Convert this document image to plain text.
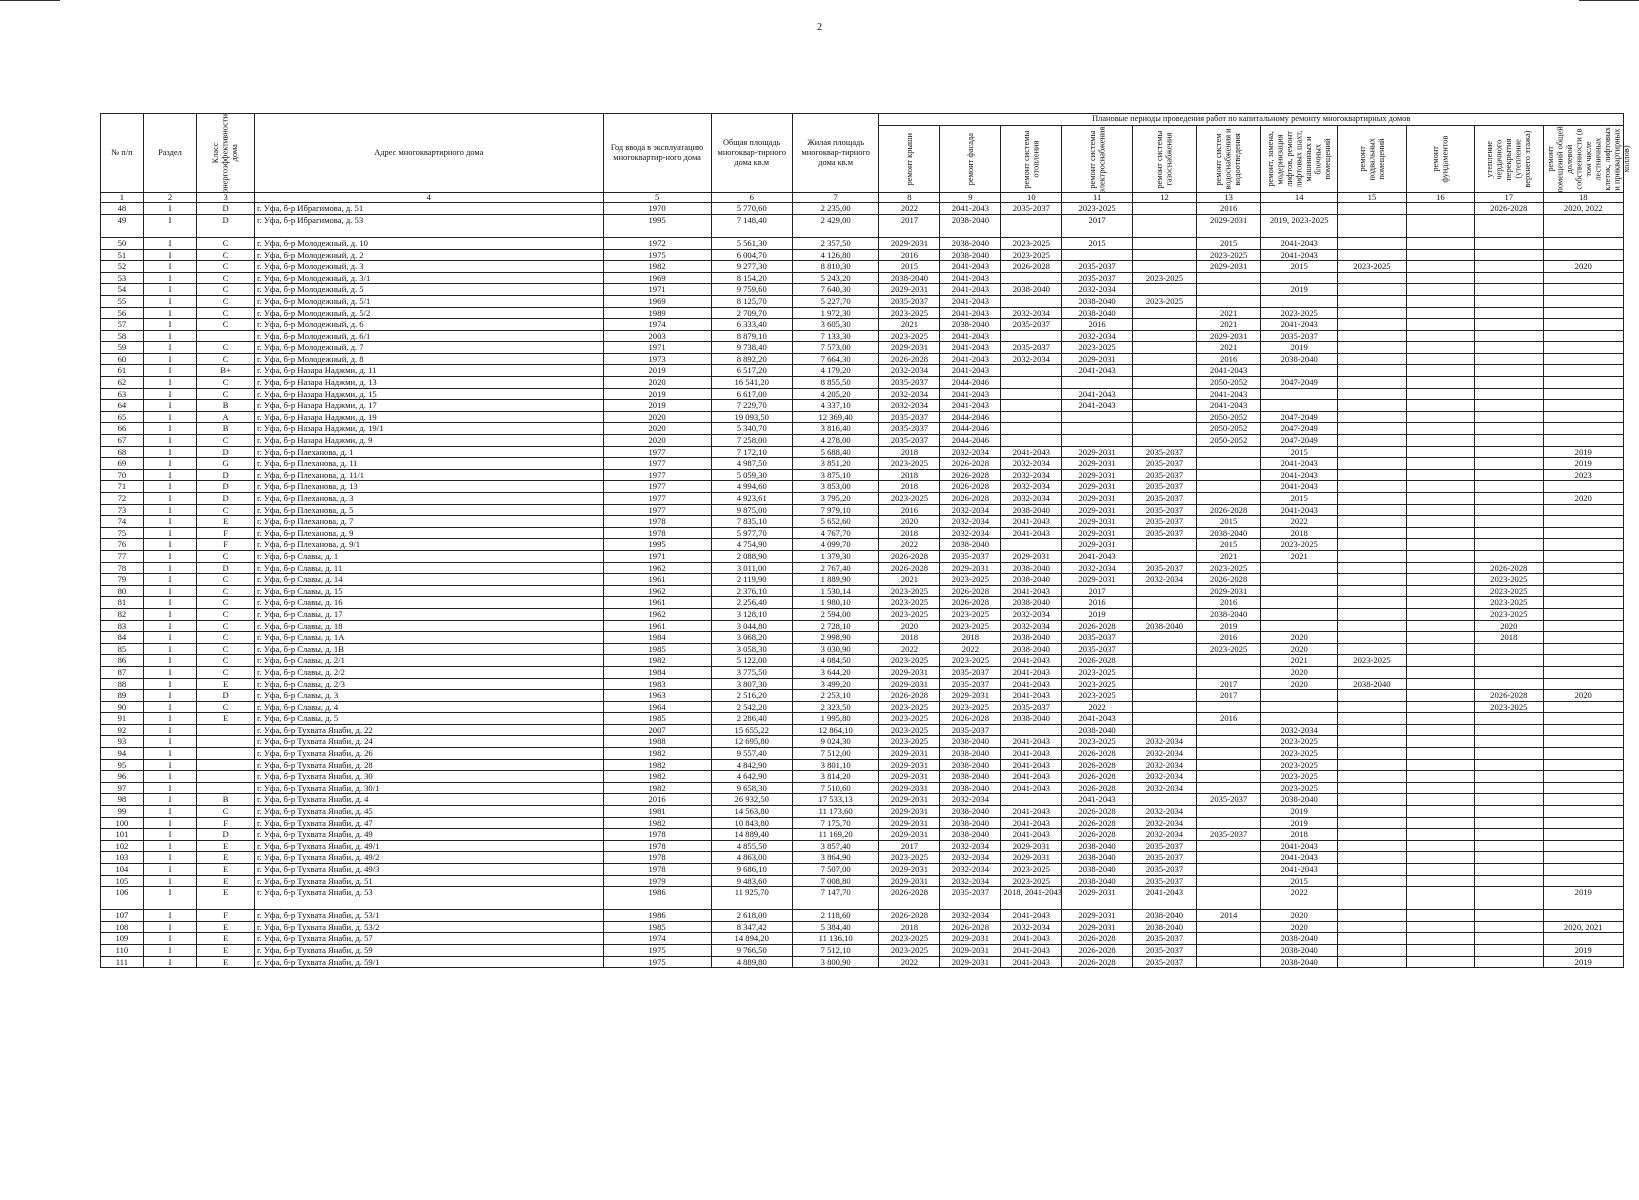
2
№ п/п	Раздел	Класс энергоэффективности дома	Адрес многоквартирного дома	Год ввода в эксплуатацию многоквартир-ного дома	Общая площадь многоквар-тирного дома кв.м	Жилая площадь многоквар-тирного дома кв.м	Плановые периоды проведения работ по капитальному ремонту многоквартирных домов										

							ремонт крыши	ремонт фасада	ремонт системы отопления	ремонт системы электроснабжения	ремонт системы газоснабжения	ремонт систем водоснабжения и водоотведения	ремонт, замена, модернизация лифтов, ремонт лифтовых шахт, машинных и блочных помещений	ремонт подвальных помещений	ремонт фундаментов	утепление чердачного перекрытия (утепление верхнего этажа)	ремонт помещений общей долевой собственности (в том числе лестничных клеток, лифтовых и приквартирных холлов)

1	2	3	4	5	6	7	8	9	10	11	12	13	14	15	16	17	18
48	I	D	г. Уфа, б-р Ибрагимова, д. 51	1970	5 770,60	2 235,00	2022	2041-2043	2035-2037	2023-2025		2016				2026-2028	2020, 2022
49	I	D	г. Уфа, б-р Ибрагимова, д. 53	1995	7 148,40	2 429,00	2017	2038-2040		2017		2029-2031	2019, 2023-2025				
50	I	C	г. Уфа, б-р Молодежный, д. 10	1972	5 561,30	2 357,50	2029-2031	2038-2040	2023-2025	2015		2015	2041-2043				
51	I	C	г. Уфа, б-р Молодежный, д. 2	1975	6 004,70	4 126,80	2016	2038-2040	2023-2025			2023-2025	2041-2043				
52	I	C	г. Уфа, б-р Молодежный, д. 3	1982	9 277,30	8 810,30	2015	2041-2043	2026-2028	2035-2037		2029-2031	2015	2023-2025			2020
53	I	C	г. Уфа, б-р Молодежный, д. 3/1	1969	8 154,20	5 243,20	2038-2040	2041-2043		2035-2037	2023-2025						
54	I	C	г. Уфа, б-р Молодежный, д. 5	1971	9 759,60	7 640,30	2029-2031	2041-2043	2038-2040	2032-2034			2019				
55	I	C	г. Уфа, б-р Молодежный, д. 5/1	1969	8 125,70	5 227,70	2035-2037	2041-2043		2038-2040	2023-2025						
56	I	C	г. Уфа, б-р Молодежный, д. 5/2	1989	2 709,70	1 972,30	2023-2025	2041-2043	2032-2034	2038-2040		2021	2023-2025				
57	I	C	г. Уфа, б-р Молодежный, д. 6	1974	6 333,40	3 605,30	2021	2038-2040	2035-2037	2016		2021	2041-2043				
58	I		г. Уфа, б-р Молодежный, д. 6/1	2003	8 879,10	7 133,30	2023-2025	2041-2043		2032-2034		2029-2031	2035-2037				
59	I	C	г. Уфа, б-р Молодежный, д. 7	1971	9 738,40	7 573,00	2029-2031	2041-2043	2035-2037	2023-2025		2021	2019				
60	I	C	г. Уфа, б-р Молодежный, д. 8	1973	8 892,20	7 664,30	2026-2028	2041-2043	2032-2034	2029-2031		2016	2038-2040				
61	I	B+	г. Уфа, б-р Назара Наджми, д. 11	2019	6 517,20	4 179,20	2032-2034	2041-2043		2041-2043		2041-2043					
62	I	C	г. Уфа, б-р Назара Наджми, д. 13	2020	16 541,20	8 855,50	2035-2037	2044-2046				2050-2052	2047-2049				
63	I	C	г. Уфа, б-р Назара Наджми, д. 15	2019	6 617,00	4 205,20	2032-2034	2041-2043		2041-2043		2041-2043					
64	I	B	г. Уфа, б-р Назара Наджми, д. 17	2019	7 229,70	4 337,10	2032-2034	2041-2043		2041-2043		2041-2043					
65	I	A	г. Уфа, б-р Назара Наджми, д. 19	2020	19 093,50	12 369,40	2035-2037	2044-2046				2050-2052	2047-2049				
66	I	B	г. Уфа, б-р Назара Наджми, д. 19/1	2020	5 340,70	3 816,40	2035-2037	2044-2046				2050-2052	2047-2049				
67	I	C	г. Уфа, б-р Назара Наджми, д. 9	2020	7 258,00	4 278,00	2035-2037	2044-2046				2050-2052	2047-2049				
68	I	D	г. Уфа, б-р Плеханова, д. 1	1977	7 172,10	5 688,40	2018	2032-2034	2041-2043	2029-2031	2035-2037		2015				2019
69	I	G	г. Уфа, б-р Плеханова, д. 11	1977	4 987,50	3 851,20	2023-2025	2026-2028	2032-2034	2029-2031	2035-2037		2041-2043				2019
70	I	D	г. Уфа, б-р Плеханова, д. 11/1	1977	5 059,30	3 875,10	2018	2026-2028	2032-2034	2029-2031	2035-2037		2041-2043				2023
71	I	D	г. Уфа, б-р Плеханова, д. 13	1977	4 994,60	3 853,00	2018	2026-2028	2032-2034	2029-2031	2035-2037		2041-2043				
72	I	D	г. Уфа, б-р Плеханова, д. 3	1977	4 923,61	3 795,20	2023-2025	2026-2028	2032-2034	2029-2031	2035-2037		2015				2020
73	I	C	г. Уфа, б-р Плеханова, д. 5	1977	9 875,00	7 979,10	2016	2032-2034	2038-2040	2029-2031	2035-2037	2026-2028	2041-2043				
74	I	E	г. Уфа, б-р Плеханова, д. 7	1978	7 835,10	5 652,60	2020	2032-2034	2041-2043	2029-2031	2035-2037	2015	2022				
75	I	F	г. Уфа, б-р Плеханова, д. 9	1978	5 977,70	4 767,70	2018	2032-2034	2041-2043	2029-2031	2035-2037	2038-2040	2018				
76	I	F	г. Уфа, б-р Плеханова, д. 9/1	1995	4 754,90	4 099,70	2022	2038-2040		2029-2031		2015	2023-2025				
77	I	C	г. Уфа, б-р Славы, д. 1	1971	2 088,90	1 379,30	2026-2028	2035-2037	2029-2031	2041-2043		2021	2021				
78	I	D	г. Уфа, б-р Славы, д. 11	1962	3 011,00	2 767,40	2026-2028	2029-2031	2038-2040	2032-2034	2035-2037	2023-2025				2026-2028	
79	I	C	г. Уфа, б-р Славы, д. 14	1961	2 119,90	1 889,90	2021	2023-2025	2038-2040	2029-2031	2032-2034	2026-2028				2023-2025	
80	I	C	г. Уфа, б-р Славы, д. 15	1962	2 376,10	1 530,14	2023-2025	2026-2028	2041-2043	2017		2029-2031				2023-2025	
81	I	C	г. Уфа, б-р Славы, д. 16	1961	2 256,40	1 980,10	2023-2025	2026-2028	2038-2040	2016		2016				2023-2025	
82	I	C	г. Уфа, б-р Славы, д. 17	1962	3 128,10	2 594,00	2023-2025	2023-2025	2032-2034	2019		2038-2040				2023-2025	
83	I	C	г. Уфа, б-р Славы, д. 18	1961	3 044,80	2 728,10	2020	2023-2025	2032-2034	2026-2028	2038-2040	2019				2020	
84	I	C	г. Уфа, б-р Славы, д. 1А	1984	3 068,20	2 998,90	2018	2018	2038-2040	2035-2037		2016	2020			2018	
85	I	C	г. Уфа, б-р Славы, д. 1В	1985	3 058,30	3 030,90	2022	2022	2038-2040	2035-2037		2023-2025	2020				
86	I	C	г. Уфа, б-р Славы, д. 2/1	1982	5 122,00	4 084,50	2023-2025	2023-2025	2041-2043	2026-2028			2021	2023-2025			
87	I	C	г. Уфа, б-р Славы, д. 2/2	1984	3 775,50	3 644,20	2029-2031	2035-2037	2041-2043	2023-2025			2020				
88	I	E	г. Уфа, б-р Славы, д. 2/3	1983	3 807,30	3 499,20	2029-2031	2035-2037	2041-2043	2023-2025		2017	2020	2038-2040			
89	I	D	г. Уфа, б-р Славы, д. 3	1963	2 516,20	2 253,10	2026-2028	2029-2031	2041-2043	2023-2025		2017				2026-2028	2020
90	I	C	г. Уфа, б-р Славы, д. 4	1964	2 542,20	2 323,50	2023-2025	2023-2025	2035-2037	2022						2023-2025	
91	I	E	г. Уфа, б-р Славы, д. 5	1985	2 286,40	1 995,80	2023-2025	2026-2028	2038-2040	2041-2043		2016					
92	I		г. Уфа, б-р Тухвата Янаби, д. 22	2007	15 655,22	12 864,10	2023-2025	2035-2037		2038-2040			2032-2034				
93	I		г. Уфа, б-р Тухвата Янаби, д. 24	1988	12 695,80	9 024,30	2023-2025	2038-2040	2041-2043	2023-2025	2032-2034		2023-2025				
94	I		г. Уфа, б-р Тухвата Янаби, д. 26	1982	9 557,40	7 512,00	2029-2031	2038-2040	2041-2043	2026-2028	2032-2034		2023-2025				
95	I		г. Уфа, б-р Тухвата Янаби, д. 28	1982	4 842,90	3 801,10	2029-2031	2038-2040	2041-2043	2026-2028	2032-2034		2023-2025				
96	I		г. Уфа, б-р Тухвата Янаби, д. 30	1982	4 642,90	3 814,20	2029-2031	2038-2040	2041-2043	2026-2028	2032-2034		2023-2025				
97	I		г. Уфа, б-р Тухвата Янаби, д. 30/1	1982	9 658,30	7 510,60	2029-2031	2038-2040	2041-2043	2026-2028	2032-2034		2023-2025				
98	I	B	г. Уфа, б-р Тухвата Янаби, д. 4	2016	26 932,50	17 533,13	2029-2031	2032-2034		2041-2043		2035-2037	2038-2040				
99	I	C	г. Уфа, б-р Тухвата Янаби, д. 45	1981	14 563,80	11 173,60	2029-2031	2038-2040	2041-2043	2026-2028	2032-2034		2019				
100	I	F	г. Уфа, б-р Тухвата Янаби, д. 47	1982	10 843,80	7 175,70	2029-2031	2038-2040	2041-2043	2026-2028	2032-2034		2019				
101	I	D	г. Уфа, б-р Тухвата Янаби, д. 49	1978	14 889,40	11 169,20	2029-2031	2038-2040	2041-2043	2026-2028	2032-2034	2035-2037	2018				
102	I	E	г. Уфа, б-р Тухвата Янаби, д. 49/1	1978	4 855,50	3 857,40	2017	2032-2034	2029-2031	2038-2040	2035-2037		2041-2043				
103	I	E	г. Уфа, б-р Тухвата Янаби, д. 49/2	1978	4 863,00	3 864,90	2023-2025	2032-2034	2029-2031	2038-2040	2035-2037		2041-2043				
104	I	E	г. Уфа, б-р Тухвата Янаби, д. 49/3	1978	9 686,10	7 507,00	2029-2031	2032-2034	2023-2025	2038-2040	2035-2037		2041-2043				
105	I	E	г. Уфа, б-р Тухвата Янаби, д. 51	1979	9 483,60	7 008,80	2029-2031	2032-2034	2023-2025	2038-2040	2035-2037		2015				
106	I	E	г. Уфа, б-р Тухвата Янаби, д. 53	1986	11 925,70	7 147,70	2026-2028	2035-2037	2018, 2041-2043	2029-2031	2041-2043		2022				2019
107	I	F	г. Уфа, б-р Тухвата Янаби, д. 53/1	1986	2 618,00	2 118,60	2026-2028	2032-2034	2041-2043	2029-2031	2038-2040	2014	2020				
108	I	E	г. Уфа, б-р Тухвата Янаби, д. 53/2	1985	8 347,42	5 384,40	2018	2026-2028	2032-2034	2029-2031	2038-2040		2020				2020, 2021
109	I	E	г. Уфа, б-р Тухвата Янаби, д. 57	1974	14 894,20	11 136,10	2023-2025	2029-2031	2041-2043	2026-2028	2035-2037		2038-2040				
110	I	E	г. Уфа, б-р Тухвата Янаби, д. 59	1975	9 766,50	7 512,10	2023-2025	2029-2031	2041-2043	2026-2028	2035-2037		2038-2040				2019
111	I	E	г. Уфа, б-р Тухвата Янаби, д. 59/1	1975	4 889,80	3 800,90	2022	2029-2031	2041-2043	2026-2028	2035-2037		2038-2040				2019
